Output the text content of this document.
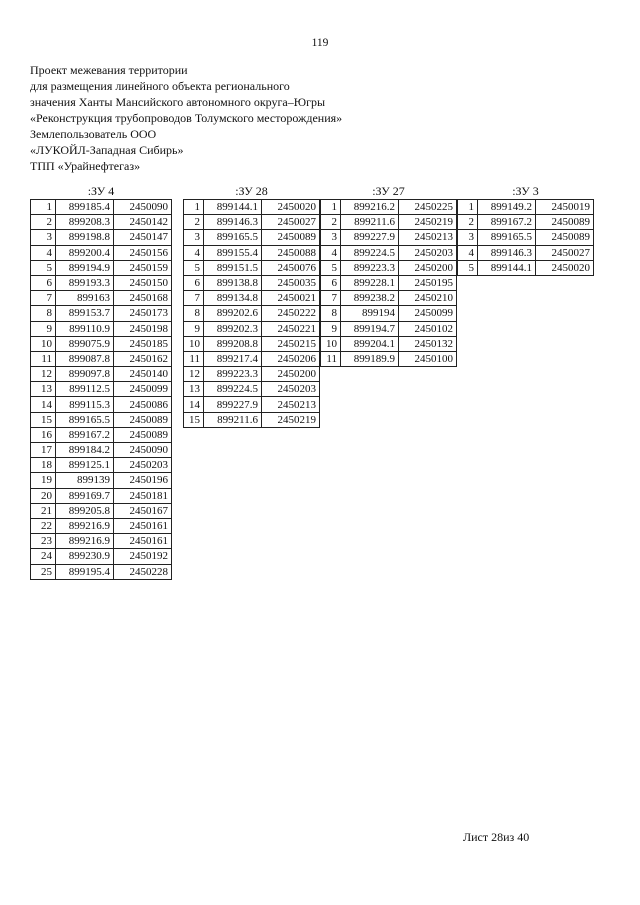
119
Проект межевания территории
для размещения линейного объекта регионального
значения Ханты Мансийского автономного округа–Югры
«Реконструкция трубопроводов Толумского месторождения»
Землепользователь ООО
«ЛУКОЙЛ-Западная Сибирь»
ТПП «Урайнефтегаз»
:ЗУ 4
1	899185.4	2450090
2	899208.3	2450142
3	899198.8	2450147
4	899200.4	2450156
5	899194.9	2450159
6	899193.3	2450150
7	899163	2450168
8	899153.7	2450173
9	899110.9	2450198
10	899075.9	2450185
11	899087.8	2450162
12	899097.8	2450140
13	899112.5	2450099
14	899115.3	2450086
15	899165.5	2450089
16	899167.2	2450089
17	899184.2	2450090
18	899125.1	2450203
19	899139	2450196
20	899169.7	2450181
21	899205.8	2450167
22	899216.9	2450161
23	899216.9	2450161
24	899230.9	2450192
25	899195.4	2450228
:ЗУ 28
1	899144.1	2450020
2	899146.3	2450027
3	899165.5	2450089
4	899155.4	2450088
5	899151.5	2450076
6	899138.8	2450035
7	899134.8	2450021
8	899202.6	2450222
9	899202.3	2450221
10	899208.8	2450215
11	899217.4	2450206
12	899223.3	2450200
13	899224.5	2450203
14	899227.9	2450213
15	899211.6	2450219
:ЗУ 27
1	899216.2	2450225
2	899211.6	2450219
3	899227.9	2450213
4	899224.5	2450203
5	899223.3	2450200
6	899228.1	2450195
7	899238.2	2450210
8	899194	2450099
9	899194.7	2450102
10	899204.1	2450132
11	899189.9	2450100
:ЗУ 3
1	899149.2	2450019
2	899167.2	2450089
3	899165.5	2450089
4	899146.3	2450027
5	899144.1	2450020
Лист 28из 40
